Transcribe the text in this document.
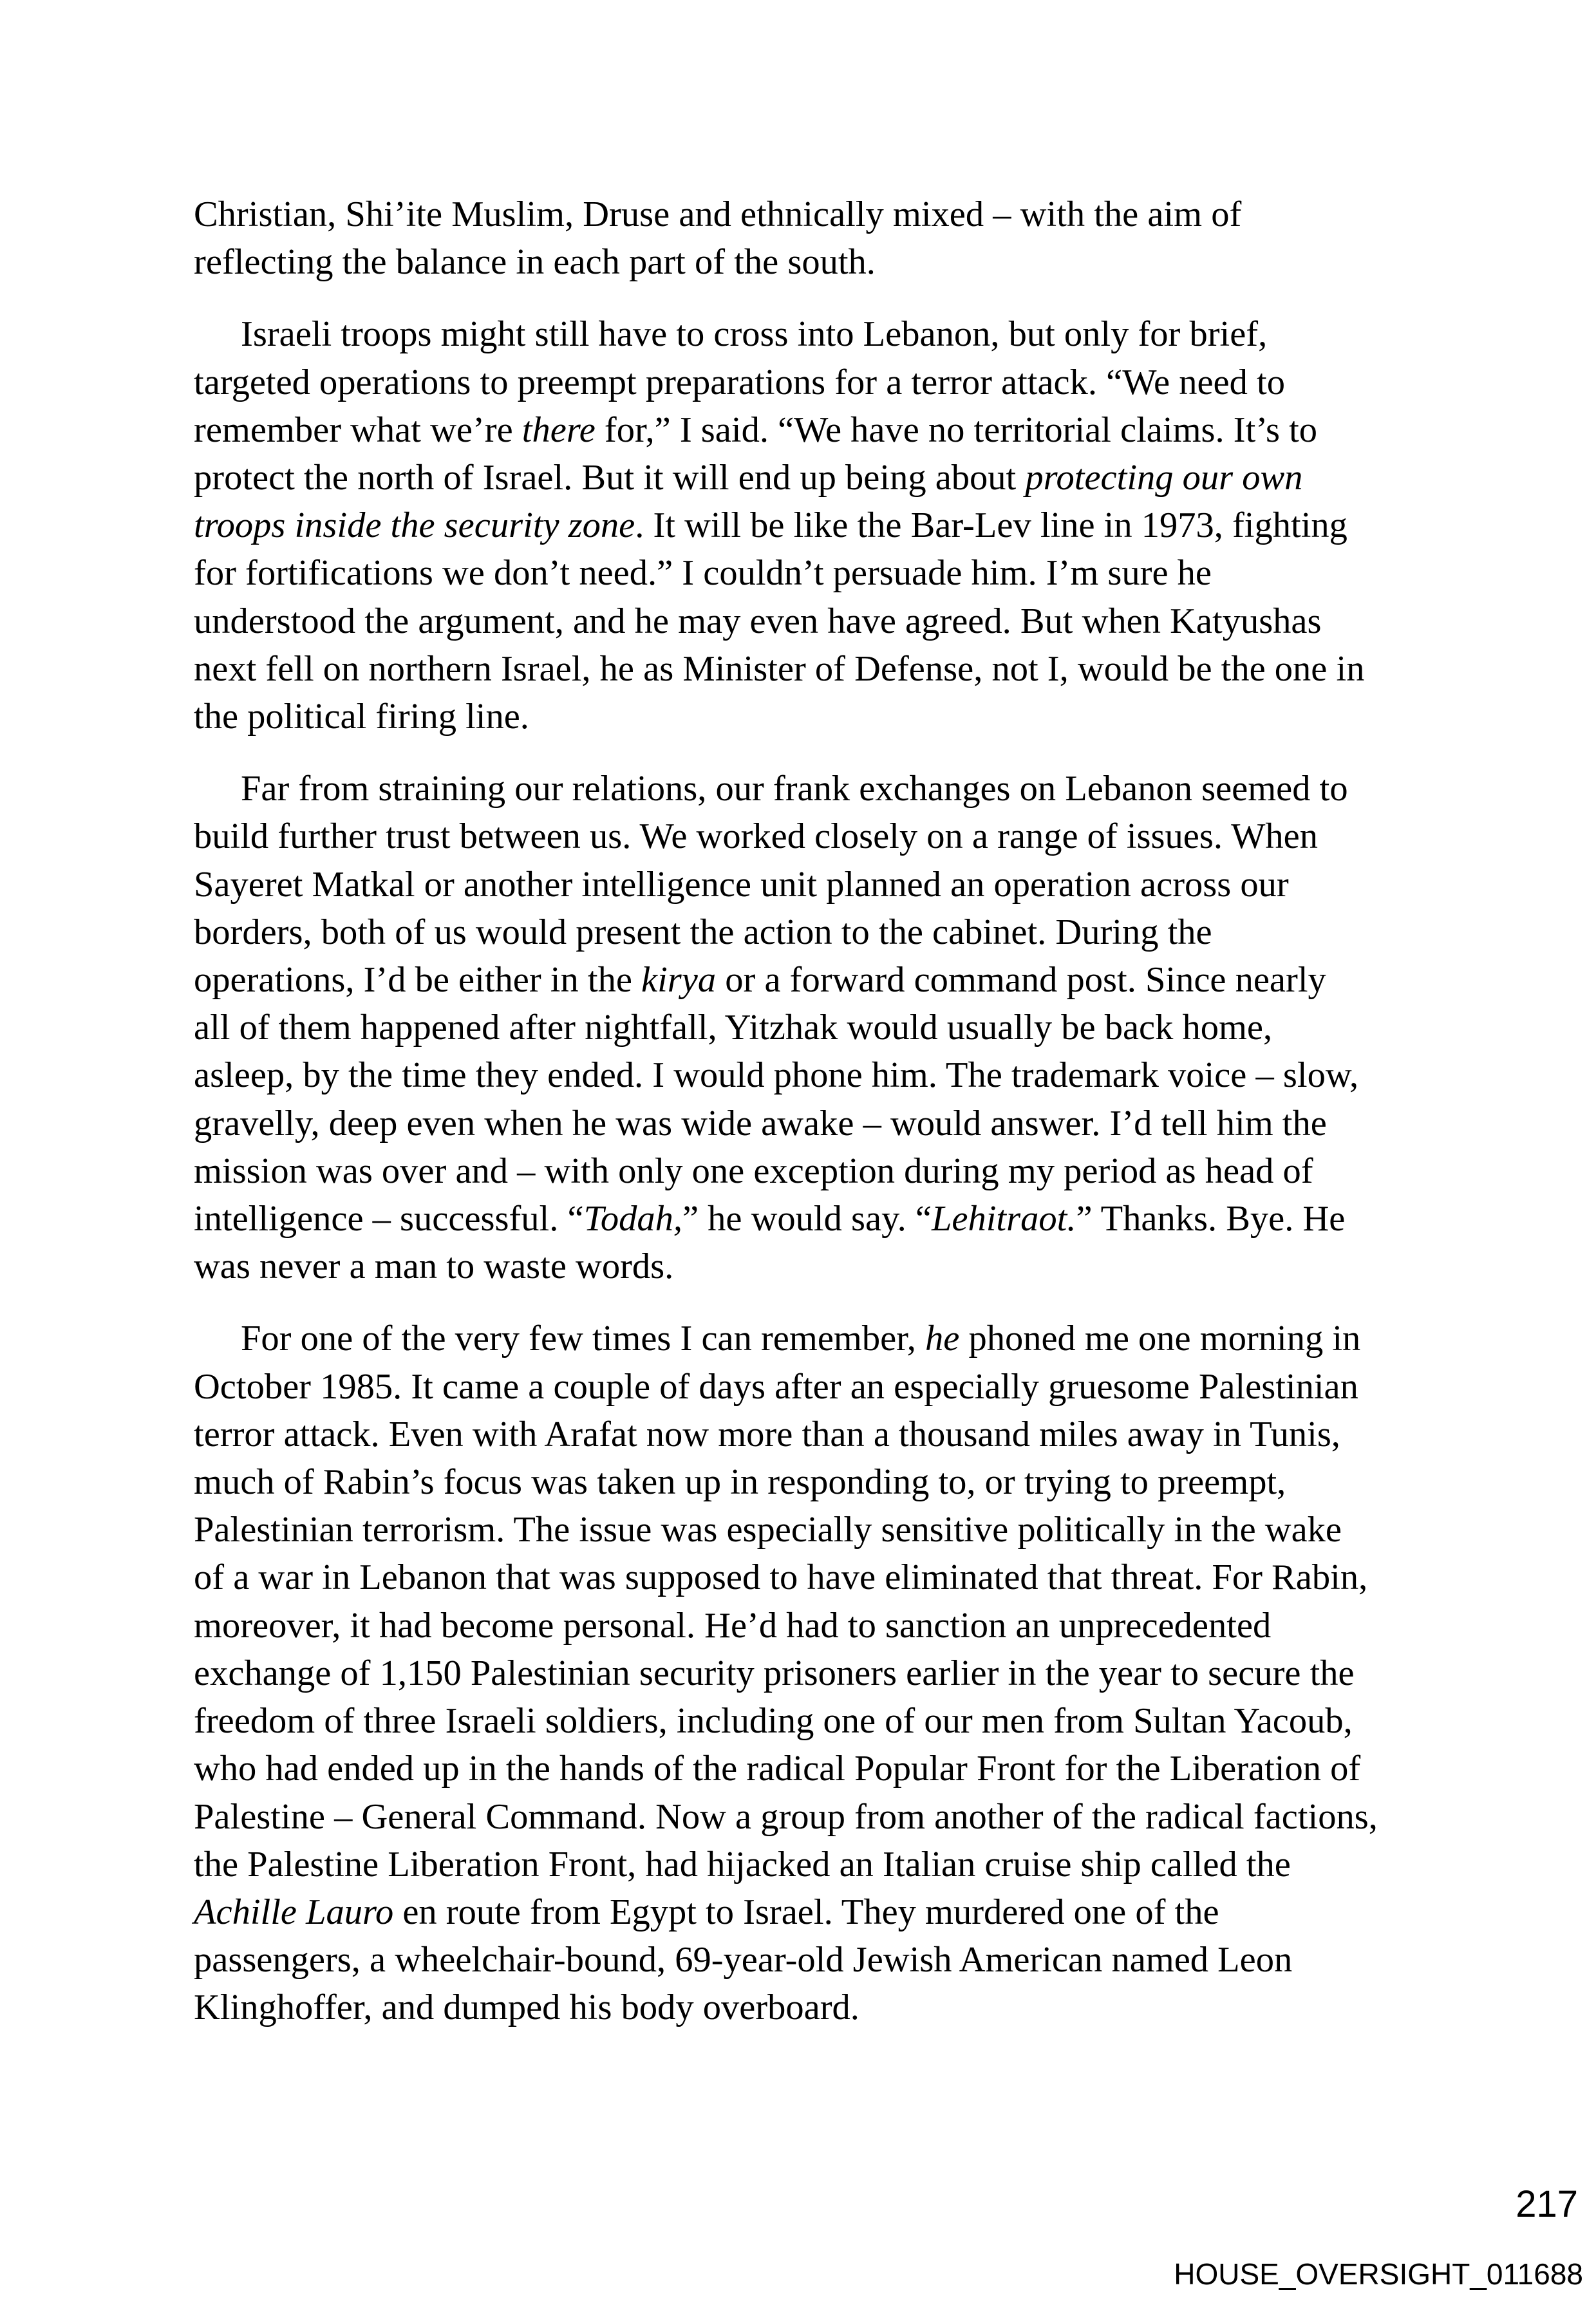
Christian, Shi’ite Muslim, Druse and ethnically mixed – with the aim of
reflecting the balance in each part of the south.

Israeli troops might still have to cross into Lebanon, but only for brief,
targeted operations to preempt preparations for a terror attack. “We need to
remember what we’re there for,” I said. “We have no territorial claims. It’s to
protect the north of Israel. But it will end up being about protecting our own
troops inside the security zone. It will be like the Bar-Lev line in 1973, fighting
for fortifications we don’t need.” I couldn’t persuade him. I’m sure he
understood the argument, and he may even have agreed. But when Katyushas
next fell on northern Israel, he as Minister of Defense, not I, would be the one in
the political firing line.

Far from straining our relations, our frank exchanges on Lebanon seemed to
build further trust between us. We worked closely on a range of issues. When
Sayeret Matkal or another intelligence unit planned an operation across our
borders, both of us would present the action to the cabinet. During the
operations, I’d be either in the kirya or a forward command post. Since nearly
all of them happened after nightfall, Yitzhak would usually be back home,
asleep, by the time they ended. I would phone him. The trademark voice – slow,
gravelly, deep even when he was wide awake – would answer. I’d tell him the
mission was over and – with only one exception during my period as head of
intelligence – successful. “Todah,” he would say. “Lehitraot.” Thanks. Bye. He
was never a man to waste words.

For one of the very few times I can remember, he phoned me one morning in
October 1985. It came a couple of days after an especially gruesome Palestinian
terror attack. Even with Arafat now more than a thousand miles away in Tunis,
much of Rabin’s focus was taken up in responding to, or trying to preempt,
Palestinian terrorism. The issue was especially sensitive politically in the wake
of a war in Lebanon that was supposed to have eliminated that threat. For Rabin,
moreover, it had become personal. He’d had to sanction an unprecedented
exchange of 1,150 Palestinian security prisoners earlier in the year to secure the
freedom of three Israeli soldiers, including one of our men from Sultan Yacoub,
who had ended up in the hands of the radical Popular Front for the Liberation of
Palestine – General Command. Now a group from another of the radical factions,
the Palestine Liberation Front, had hijacked an Italian cruise ship called the
Achille Lauro en route from Egypt to Israel. They murdered one of the
passengers, a wheelchair-bound, 69-year-old Jewish American named Leon
Klinghoffer, and dumped his body overboard.

217
HOUSE_OVERSIGHT_011688
